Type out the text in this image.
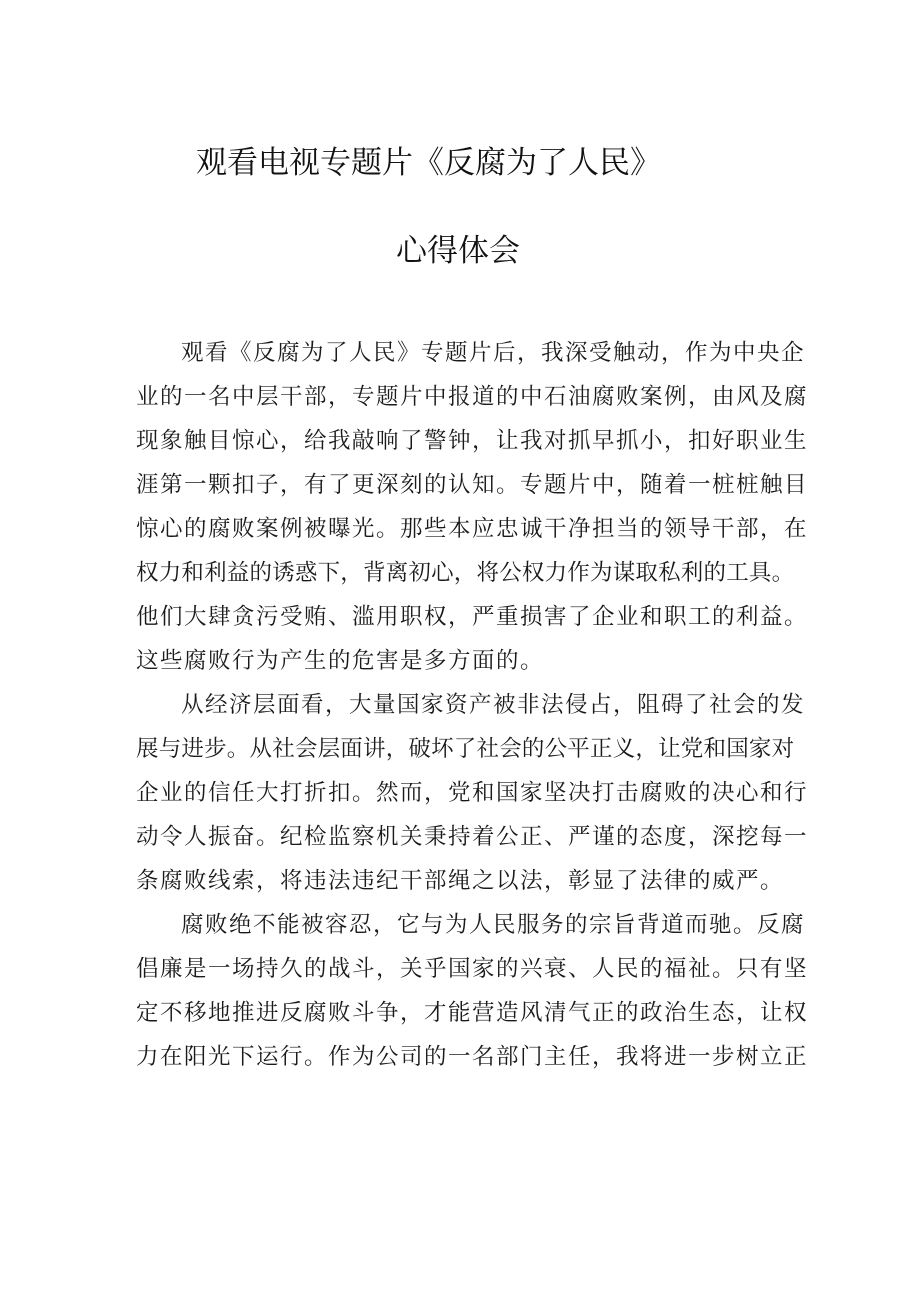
观看电视专题片《反腐为了人民》
心得体会
观看《反腐为了人民》专题片后，我深受触动，作为中央企
业的一名中层干部，专题片中报道的中石油腐败案例，由风及腐
现象触目惊心，给我敲响了警钟，让我对抓早抓小，扣好职业生
涯第一颗扣子，有了更深刻的认知。专题片中，随着一桩桩触目
惊心的腐败案例被曝光。那些本应忠诚干净担当的领导干部，在
权力和利益的诱惑下，背离初心，将公权力作为谋取私利的工具。
他们大肆贪污受贿、滥用职权，严重损害了企业和职工的利益。
这些腐败行为产生的危害是多方面的。
从经济层面看，大量国家资产被非法侵占，阻碍了社会的发
展与进步。从社会层面讲，破坏了社会的公平正义，让党和国家对
企业的信任大打折扣。然而，党和国家坚决打击腐败的决心和行
动令人振奋。纪检监察机关秉持着公正、严谨的态度，深挖每一
条腐败线索，将违法违纪干部绳之以法，彰显了法律的威严。
腐败绝不能被容忍，它与为人民服务的宗旨背道而驰。反腐
倡廉是一场持久的战斗，关乎国家的兴衰、人民的福祉。只有坚
定不移地推进反腐败斗争，才能营造风清气正的政治生态，让权
力在阳光下运行。作为公司的一名部门主任，我将进一步树立正
